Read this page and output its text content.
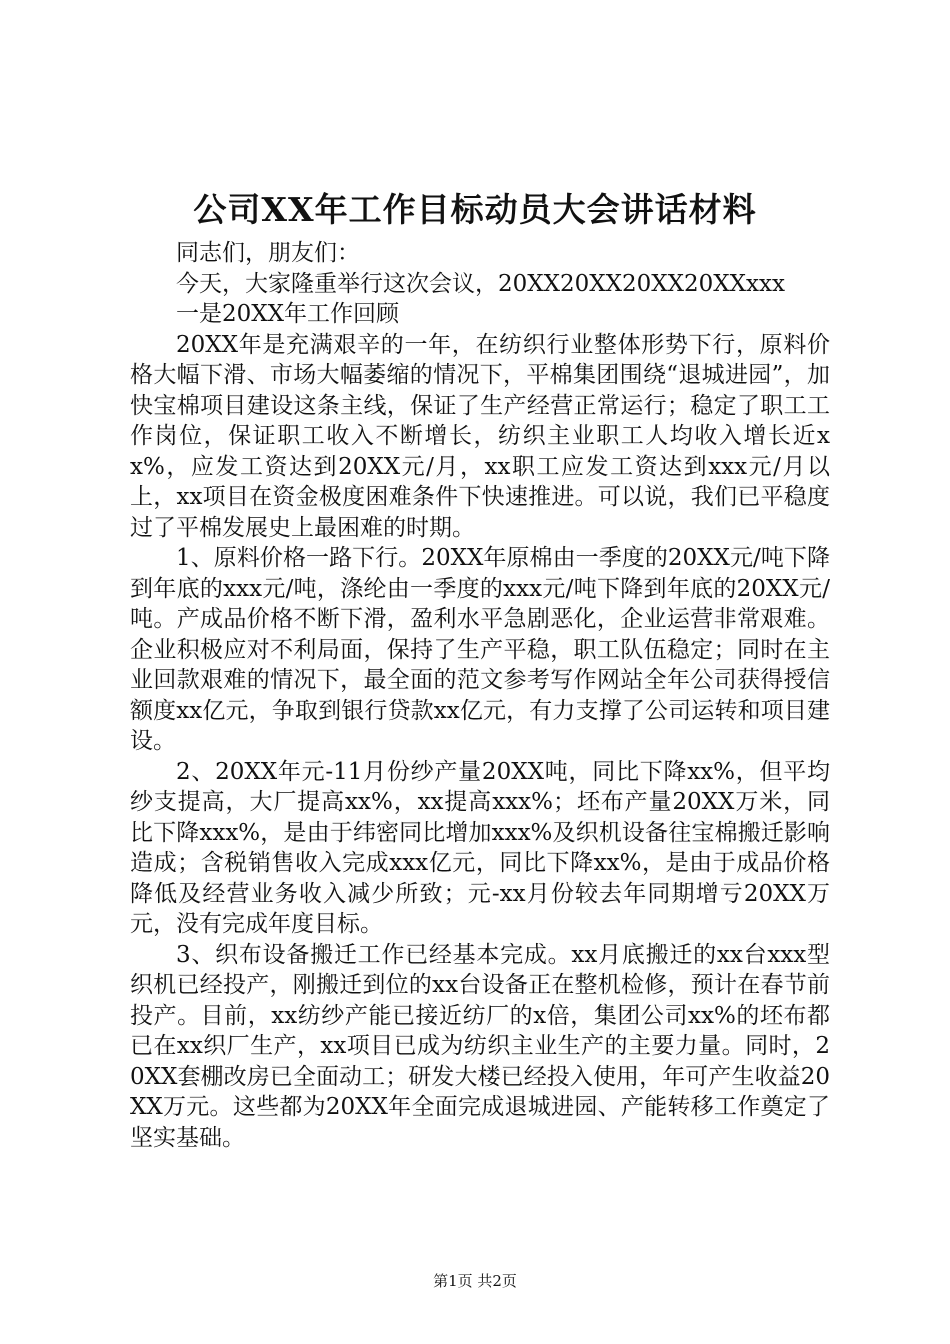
公司XX年工作目标动员大会讲话材料

同志们，朋友们：

今天，大家隆重举行这次会议，20XX20XX20XX20XXxxx

一是20XX年工作回顾

20XX年是充满艰辛的一年，在纺织行业整体形势下行，原料价格大幅下滑、市场大幅萎缩的情况下，平棉集团围绕“退城进园”，加快宝棉项目建设这条主线，保证了生产经营正常运行；稳定了职工工作岗位，保证职工收入不断增长，纺织主业职工人均收入增长近xx%，应发工资达到20XX元/月，xx职工应发工资达到xxx元/月以上，xx项目在资金极度困难条件下快速推进。可以说，我们已平稳度过了平棉发展史上最困难的时期。

1、原料价格一路下行。20XX年原棉由一季度的20XX元/吨下降到年底的xxx元/吨，涤纶由一季度的xxx元/吨下降到年底的20XX元/吨。产成品价格不断下滑，盈利水平急剧恶化，企业运营非常艰难。企业积极应对不利局面，保持了生产平稳，职工队伍稳定；同时在主业回款艰难的情况下，最全面的范文参考写作网站全年公司获得授信额度xx亿元，争取到银行贷款xx亿元，有力支撑了公司运转和项目建设。

2、20XX年元-11月份纱产量20XX吨，同比下降xx%，但平均纱支提高，大厂提高xx%，xx提高xxx%；坯布产量20XX万米，同比下降xxx%，是由于纬密同比增加xxx%及织机设备往宝棉搬迁影响造成；含税销售收入完成xxx亿元，同比下降xx%，是由于成品价格降低及经营业务收入减少所致；元-xx月份较去年同期增亏20XX万元，没有完成年度目标。

3、织布设备搬迁工作已经基本完成。xx月底搬迁的xx台xxx型织机已经投产，刚搬迁到位的xx台设备正在整机检修，预计在春节前投产。目前，xx纺纱产能已接近纺厂的x倍，集团公司xx%的坯布都已在xx织厂生产，xx项目已成为纺织主业生产的主要力量。同时，20XX套棚改房已全面动工；研发大楼已经投入使用，年可产生收益20XX万元。这些都为20XX年全面完成退城进园、产能转移工作奠定了坚实基础。

第1页 共2页
